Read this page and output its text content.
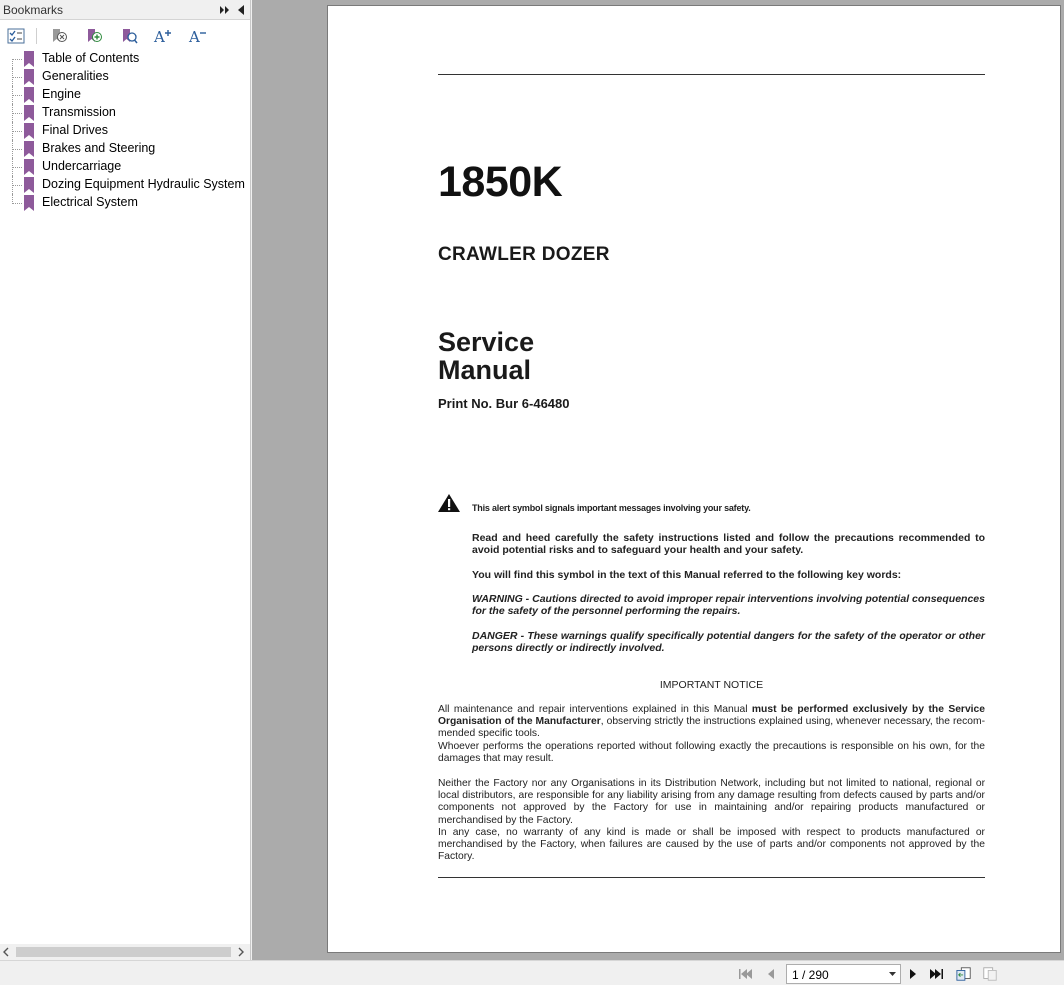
Bookmarks
A A
Table of Contents
Generalities
Engine
Transmission
Final Drives
Brakes and Steering
Undercarriage
Dozing Equipment Hydraulic System
Electrical System	1850K
CRAWLER DOZER
Service
Manual
Print No. Bur 6-46480
This alert symbol signals important messages involving your safety.
Read and heed carefully the safety instructions listed and follow the precautions recommended to avoid potential risks and to safeguard your health and your safety.
You will find this symbol in the text of this Manual referred to the following key words:
WARNING - Cautions directed to avoid improper repair interventions involving potential consequences for the safety of the personnel performing the repairs.
DANGER - These warnings qualify specifically potential dangers for the safety of the operator or other persons directly or indirectly involved.
IMPORTANT NOTICE
All maintenance and repair interventions explained in this Manual must be performed exclusively by the Service Organisation of the Manufacturer, observing strictly the instructions explained using, whenever necessary, the recom-mended specific tools.
Whoever performs the operations reported without following exactly the precautions is responsible on his own, for the damages that may result.
Neither the Factory nor any Organisations in its Distribution Network, including but not limited to national, regional or local distributors, are responsible for any liability arising from any damage resulting from defects caused by parts and/or components not approved by the Factory for use in maintaining and/or repairing products manufactured or merchandised by the Factory.
In any case, no warranty of any kind is made or shall be imposed with respect to products manufactured or merchandised by the Factory, when failures are caused by the use of parts and/or components not approved by the Factory.
1 / 290
